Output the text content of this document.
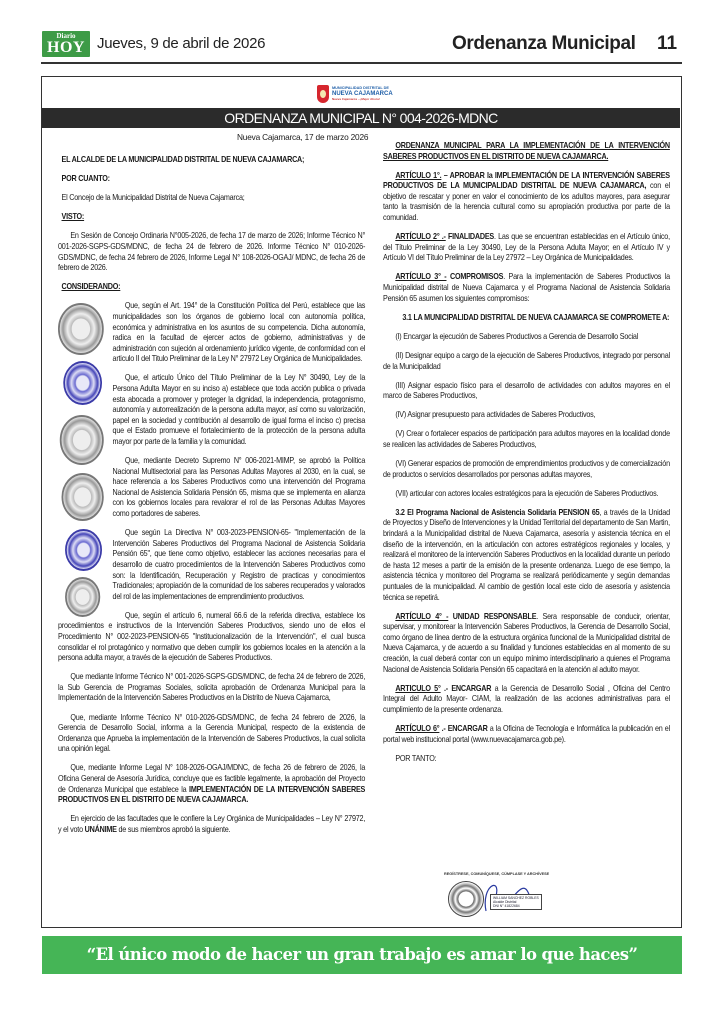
Diario
HOY Jueves, 9 de abril de 2026	Ordenanza Municipal 11
MUNICIPALIDAD DISTRITAL DE
NUEVA CAJAMARCA
Nueva Cajamarca ...¡Mejor Ahora!
ORDENANZA MUNICIPAL N° 004-2026-MDNC
Nueva Cajamarca, 17 de marzo 2026

EL ALCALDE DE LA MUNICIPALIDAD DISTRITAL DE NUEVA CAJAMARCA;

POR CUANTO:

El Concejo de la Municipalidad Distrital de Nueva Cajamarca;

VISTO:

En Sesión de Concejo Ordinaria N°005-2026, de fecha 17 de marzo de 2026; Informe Técnico N° 001-2026-SGPS-GDS/MDNC, de fecha 24 de febrero de 2026. Informe Técnico N° 010-2026-GDS/MDNC, de fecha 24 febrero de 2026, Informe Legal N° 108-2026-OGAJ/ MDNC, de fecha 26 de febrero de 2026.

CONSIDERANDO:

Que, según el Art. 194° de la Constitución Política del Perú, establece que las municipalidades son los órganos de gobierno local con autonomía política, económica y administrativa en los asuntos de su competencia. Dicha autonomía, radica en la facultad de ejercer actos de gobierno, administrativas y de administración con sujeción al ordenamiento jurídico vigente, de conformidad con el articulo II del Titulo Preliminar de la Ley N° 27972 Ley Orgánica de Municipalidades.

Que, el articulo Único del Título Preliminar de la Ley N° 30490, Ley de la Persona Adulta Mayor en su inciso a) establece que toda acción publica o privada esta abocada a promover y proteger la dignidad, la independencia, protagonismo, autonomía y autorrealización de la persona adulta mayor, así como su valorización, papel en la sociedad y contribución al desarrollo de igual forma el inciso c) precisa que el Estado promueve el fortalecimiento de la protección de la persona adulta mayor por parte de la familia y la comunidad.

Que, mediante Decreto Supremo N° 006-2021-MIMP, se aprobó la Política Nacional Multisectorial para las Personas Adultas Mayores al 2030, en la cual, se hace referencia a los Saberes Productivos como una intervención del Programa Nacional de Asistencia Solidaria Pensión 65, misma que se implementa en alianza con los gobiernos locales para revalorar el rol de las Personas Adultas Mayores como portadores de saberes.

Que según La Directiva N° 003-2023-PENSION-65- "Implementación de la Intervención Saberes Productivos del Programa Nacional de Asistencia Solidaria Pensión 65", que tiene como objetivo, establecer las acciones necesarias para el desarrollo de cuatro procedimientos de la Intervención Saberes Productivos como son: la Identificación, Recuperación y Registro de practicas y conocimientos Tradicionales; apropiación de la comunidad de los saberes recuperados y valorados del rol de las implementaciones de emprendimiento productivos.

Que, según el artículo 6, numeral 66.6 de la referida directiva, establece los procedimientos e instructivos de la Intervención Saberes Productivos, siendo uno de ellos el Procedimiento N° 002-2023-PENSION-65 "Institucionalización de la Intervención", el cual busca consolidar el rol protagónico y normativo que deben cumplir los gobiernos locales en la atención a la persona adulta mayor, a través de la ejecución de Saberes Productivos.

Que mediante Informe Técnico N° 001-2026-SGPS-GDS/MDNC, de fecha 24 de febrero de 2026, la Sub Gerencia de Programas Sociales, solicita aprobación de Ordenanza Municipal para la Implementación de la Intervención Saberes Productivos en la Distrito de Nueva Cajamarca,

Que, mediante Informe Técnico N° 010-2026-GDS/MDNC, de fecha 24 febrero de 2026, la Gerencia de Desarrollo Social, informa a la Gerencia Municipal, respecto de la existencia de Ordenanza que Aprueba la implementación de la Intervención de Saberes Productivos, la cual solicita una opinión legal.

Que, mediante Informe Legal N° 108-2026-OGAJ/MDNC, de fecha 26 de febrero de 2026, la Oficina General de Asesoría Jurídica, concluye que es factible legalmente, la aprobación del Proyecto de Ordenanza Municipal que establece la IMPLEMENTACIÓN DE LA INTERVENCIÓN SABERES PRODUCTIVOS EN EL DISTRITO DE NUEVA CAJAMARCA.

En ejercicio de las facultades que le confiere la Ley Orgánica de Municipalidades – Ley N° 27972, y el voto UNÁNIME de sus miembros aprobó la siguiente.

ORDENANZA MUNICIPAL PARA LA IMPLEMENTACIÓN DE LA INTERVENCIÓN SABERES PRODUCTIVOS EN EL DISTRITO DE NUEVA CAJAMARCA.

ARTÍCULO 1°. – APROBAR la IMPLEMENTACIÓN DE LA INTERVENCIÓN SABERES PRODUCTIVOS DE LA MUNICIPALIDAD DISTRITAL DE NUEVA CAJAMARCA, con el objetivo de rescatar y poner en valor el conocimiento de los adultos mayores, para asegurar tanto la trasmisión de la herencia cultural como su apropiación productiva por parte de la comunidad.

ARTÍCULO 2° .- FINALIDADES. Las que se encuentran establecidas en el Artículo único, del Título Preliminar de la Ley 30490, Ley de la Persona Adulta Mayor; en el Artículo IV y Artículo VI del Título Preliminar de la Ley 27972 – Ley Orgánica de Municipalidades.

ARTÍCULO 3° - COMPROMISOS. Para la implementación de Saberes Productivos la Municipalidad distrital de Nueva Cajamarca y el Programa Nacional de Asistencia Solidaria Pensión 65 asumen los siguientes compromisos:

3.1 LA MUNICIPALIDAD DISTRITAL DE NUEVA CAJAMARCA SE COMPROMETE A:

(I) Encargar la ejecución de Saberes Productivos a Gerencia de Desarrollo Social

(II) Designar equipo a cargo de la ejecución de Saberes Productivos, integrado por personal de la Municipalidad

(III) Asignar espacio físico para el desarrollo de actividades con adultos mayores en el marco de Saberes Productivos,

(IV) Asignar presupuesto para actividades de Saberes Productivos,

(V) Crear o fortalecer espacios de participación para adultos mayores en la localidad donde se realicen las actividades de Saberes Productivos,

(VI) Generar espacios de promoción de emprendimientos productivos y de comercialización de productos o servicios desarrollados por personas adultas mayores,

(VII) articular con actores locales estratégicos para la ejecución de Saberes Productivos.

3.2 El Programa Nacional de Asistencia Solidaria PENSION 65, a través de la Unidad de Proyectos y Diseño de Intervenciones y la Unidad Territorial del departamento de San Martin, brindará a la Municipalidad distrital de Nueva Cajamarca, asesoría y asistencia técnica en el diseño de la intervención, en la articulación con actores estratégicos regionales y locales, y realizará el monitoreo de la intervención Saberes Productivos en la localidad durante un periodo de hasta 12 meses a partir de la emisión de la presente ordenanza. Luego de ese tiempo, la asistencia técnica y monitoreo del Programa se realizará periódicamente y según demandas puntuales de la municipalidad. Al cambio de gestión local este ciclo de asesoría y asistencia técnica se repetirá.

ARTÍCULO 4° - UNIDAD RESPONSABLE. Sera responsable de conducir, orientar, supervisar, y monitorear la Intervención Saberes Productivos, la Gerencia de Desarrollo Social, como órgano de línea dentro de la estructura orgánica funcional de la Municipalidad distrital de Nueva Cajamarca, y de acuerdo a su finalidad y funciones establecidas en al momento de su creación, la cual deberá contar con un equipo mínimo interdisciplinario a quienes el Programa Nacional de Asistencia Solidaria Pensión 65 capacitará en la atención al adulto mayor.

ARTICULO 5° .- ENCARGAR a la Gerencia de Desarrollo Social , Oficina del Centro Integral del Adulto Mayor- CIAM, la realización de las acciones administrativas para el cumplimiento de la presente ordenanza.

ARTÍCULO 6° .- ENCARGAR a la Oficina de Tecnología e Informática la publicación en el portal web institucional portal (www.nuevacajamarca.gob.pe).

POR TANTO:

REGÍSTRESE, COMUNÍQUESE, CÚMPLASE Y ARCHÍVESE
WILLIAM SANCHEZ ROBLES
Alcalde Distrital
DNI N° 41822684
“El único modo de hacer un gran trabajo es amar lo que haces”
